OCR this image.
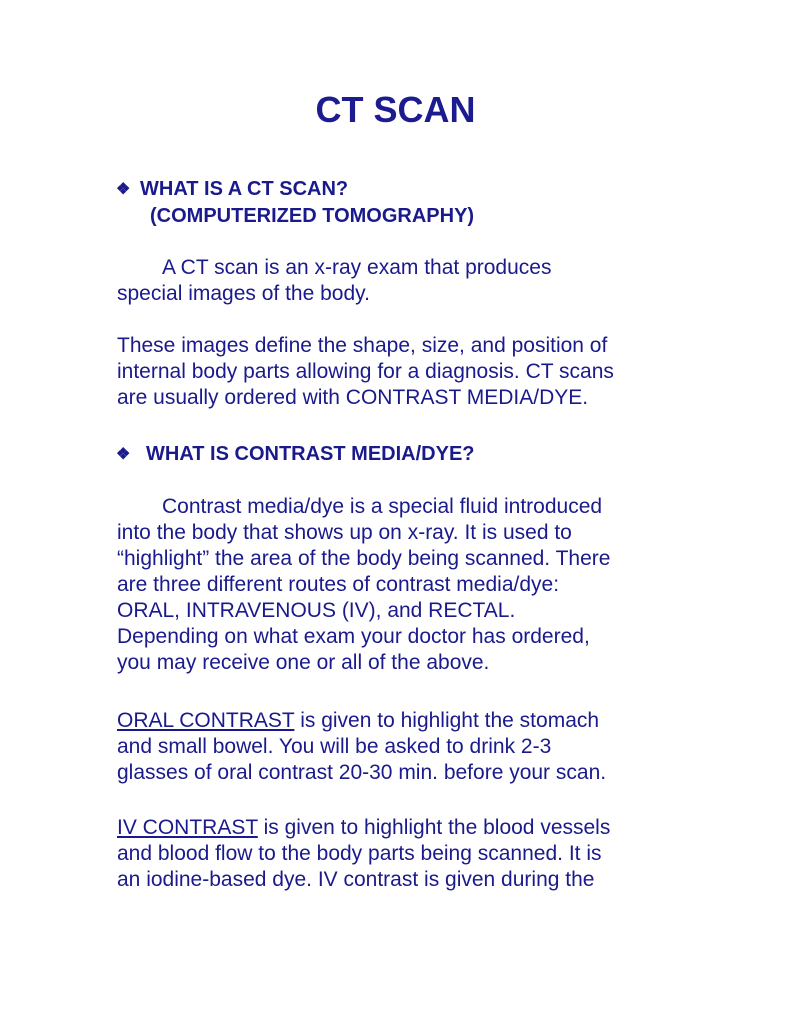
CT SCAN
❖ WHAT IS A CT SCAN?
(COMPUTERIZED TOMOGRAPHY)
A CT scan is an x-ray exam that produces
special images of the body.
These images define the shape, size, and position of
internal body parts allowing for a diagnosis. CT scans
are usually ordered with CONTRAST MEDIA/DYE.
❖ WHAT IS CONTRAST MEDIA/DYE?
Contrast media/dye is a special fluid introduced
into the body that shows up on x-ray. It is used to
“highlight” the area of the body being scanned. There
are three different routes of contrast media/dye:
ORAL, INTRAVENOUS (IV), and RECTAL.
Depending on what exam your doctor has ordered,
you may receive one or all of the above.
ORAL CONTRAST is given to highlight the stomach
and small bowel. You will be asked to drink 2-3
glasses of oral contrast 20-30 min. before your scan.
IV CONTRAST is given to highlight the blood vessels
and blood flow to the body parts being scanned. It is
an iodine-based dye. IV contrast is given during the
